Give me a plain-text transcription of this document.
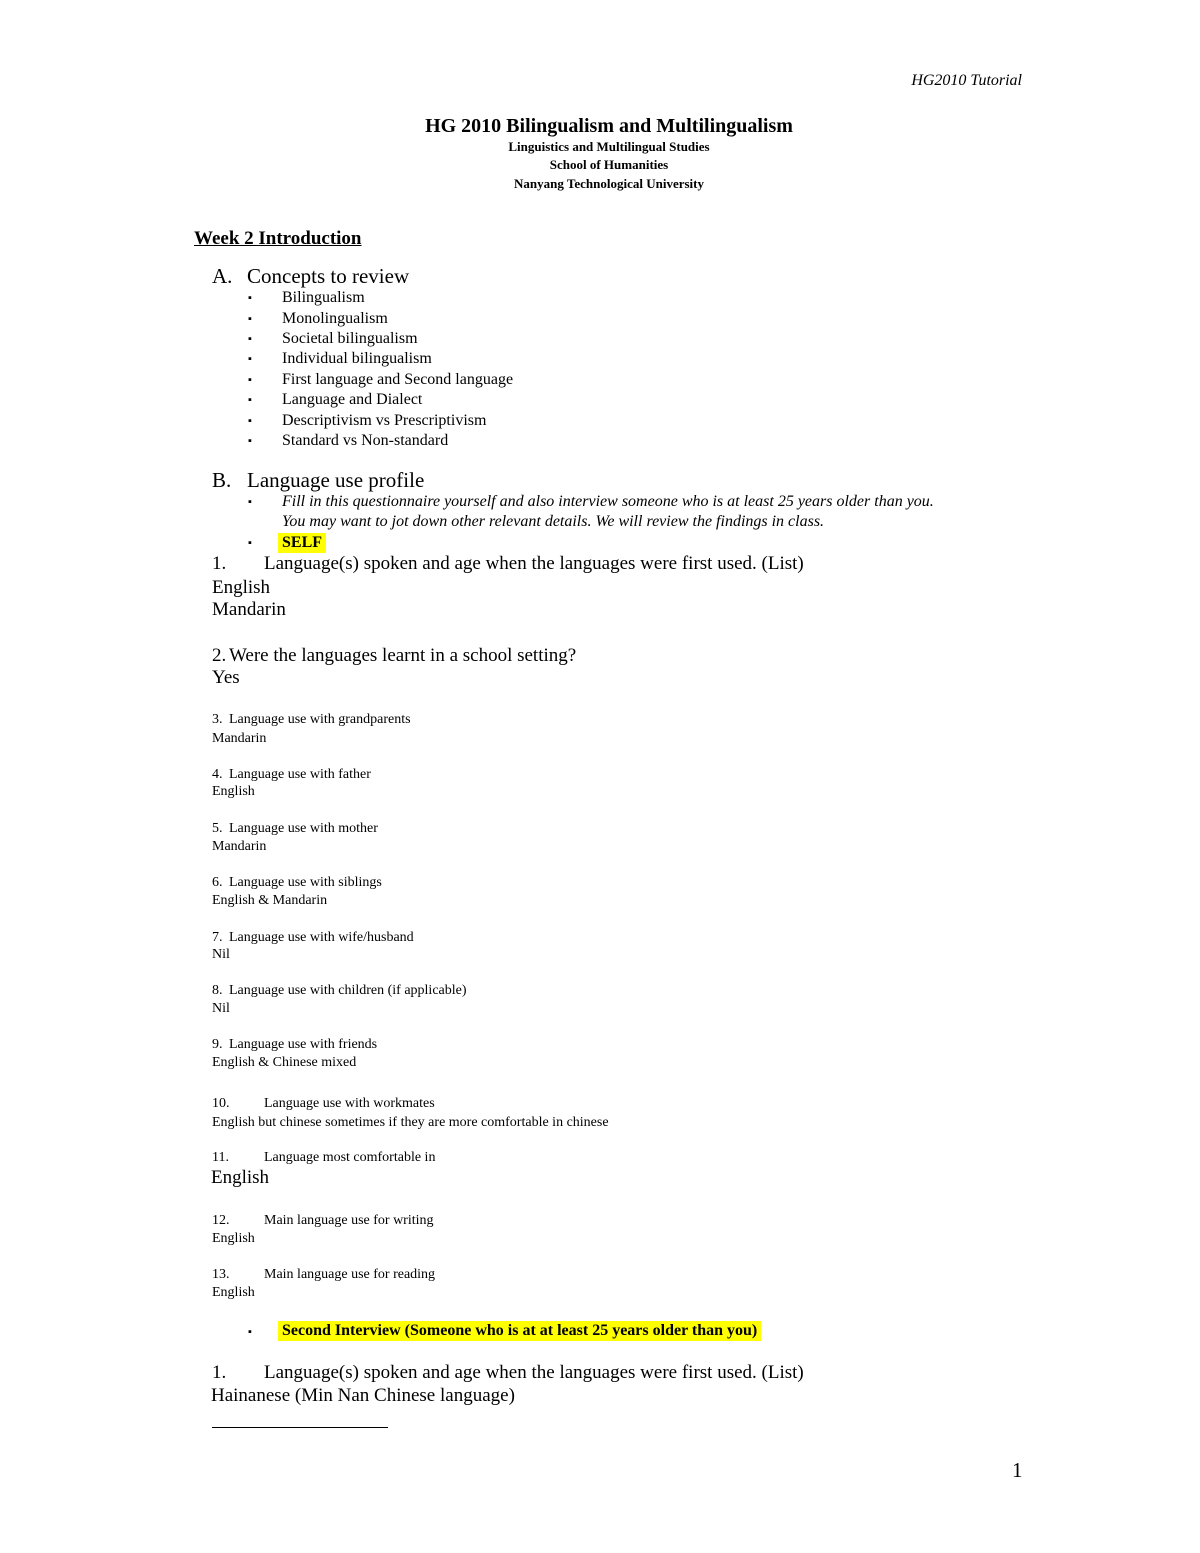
HG2010 Tutorial
HG 2010 Bilingualism and Multilingualism
Linguistics and Multilingual Studies
School of Humanities
Nanyang Technological University
Week 2 Introduction
A. Concepts to review
▪ Bilingualism
▪ Monolingualism
▪ Societal bilingualism
▪ Individual bilingualism
▪ First language and Second language
▪ Language and Dialect
▪ Descriptivism vs Prescriptivism
▪ Standard vs Non-standard
B. Language use profile
▪ Fill in this questionnaire yourself and also interview someone who is at least 25 years older than you.
You may want to jot down other relevant details. We will review the findings in class.
▪ SELF
1. Language(s) spoken and age when the languages were first used. (List)
English
Mandarin
2. Were the languages learnt in a school setting?
Yes
3. Language use with grandparents
Mandarin
4. Language use with father
English
5. Language use with mother
Mandarin
6. Language use with siblings
English & Mandarin
7. Language use with wife/husband
Nil
8. Language use with children (if applicable)
Nil
9. Language use with friends
English & Chinese mixed
10. Language use with workmates
English but chinese sometimes if they are more comfortable in chinese
11.	Language most comfortable in
English
12. Main language use for writing
English
13. Main language use for reading
English
▪ Second Interview (Someone who is at at least 25 years older than you)
1. Language(s) spoken and age when the languages were first used. (List)
Hainanese (Min Nan Chinese language)
1
